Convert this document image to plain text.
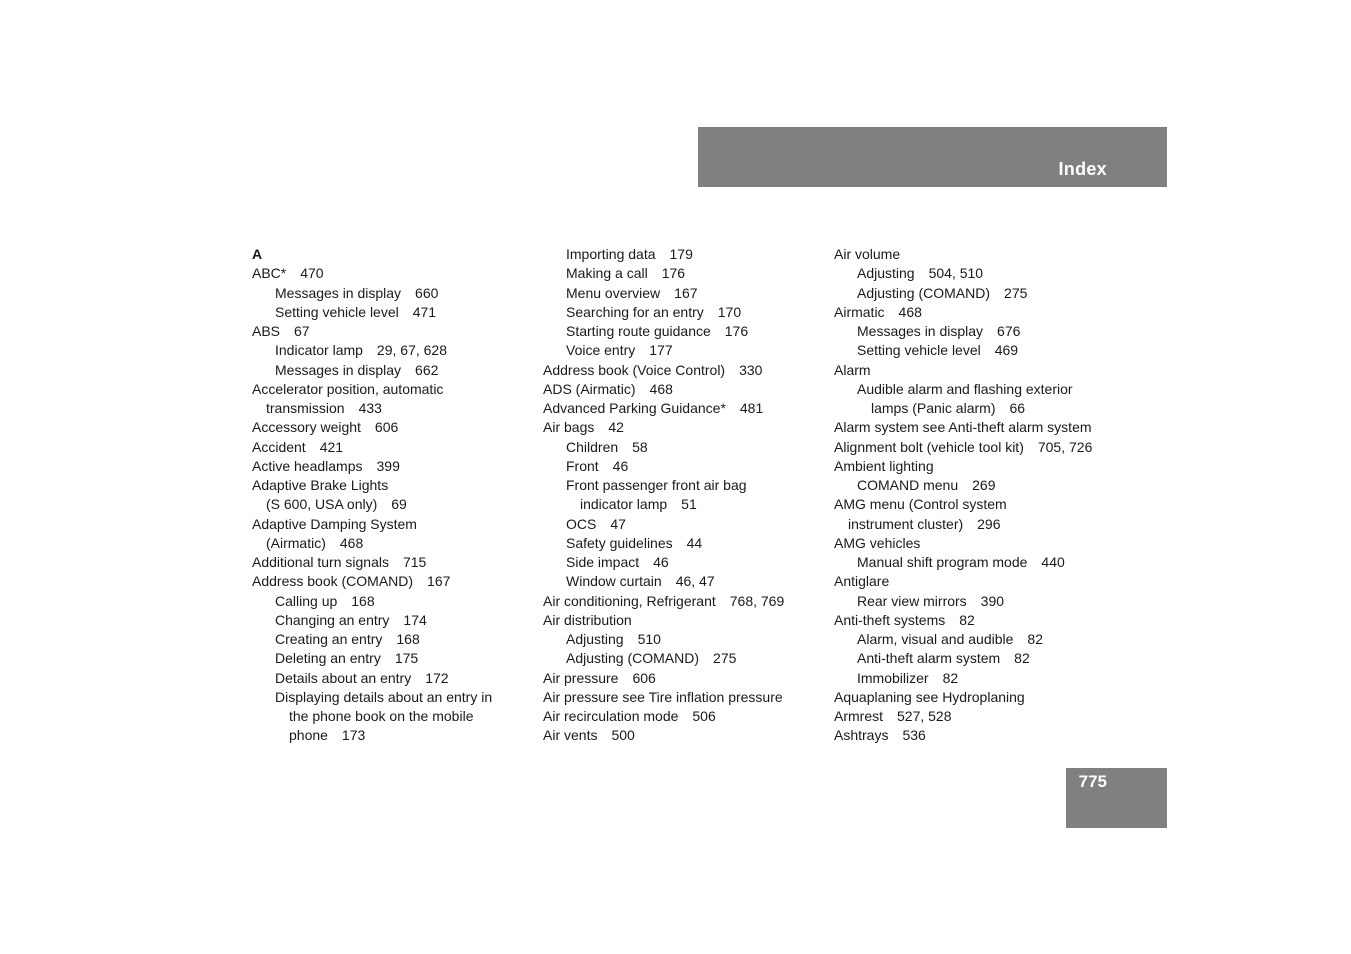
Index
A
ABC* 470
Messages in display 660
Setting vehicle level 471
ABS 67
Indicator lamp 29, 67, 628
Messages in display 662
Accelerator position, automatic
transmission 433
Accessory weight 606
Accident 421
Active headlamps 399
Adaptive Brake Lights
(S 600, USA only) 69
Adaptive Damping System
(Airmatic) 468
Additional turn signals 715
Address book (COMAND) 167
Calling up 168
Changing an entry 174
Creating an entry 168
Deleting an entry 175
Details about an entry 172
Displaying details about an entry in
the phone book on the mobile
phone 173
Importing data 179
Making a call 176
Menu overview 167
Searching for an entry 170
Starting route guidance 176
Voice entry 177
Address book (Voice Control) 330
ADS (Airmatic) 468
Advanced Parking Guidance* 481
Air bags 42
Children 58
Front 46
Front passenger front air bag
indicator lamp 51
OCS 47
Safety guidelines 44
Side impact 46
Window curtain 46, 47
Air conditioning, Refrigerant 768, 769
Air distribution
Adjusting 510
Adjusting (COMAND) 275
Air pressure 606
Air pressure see Tire inflation pressure
Air recirculation mode 506
Air vents 500
Air volume
Adjusting 504, 510
Adjusting (COMAND) 275
Airmatic 468
Messages in display 676
Setting vehicle level 469
Alarm
Audible alarm and flashing exterior
lamps (Panic alarm) 66
Alarm system see Anti-theft alarm system
Alignment bolt (vehicle tool kit) 705, 726
Ambient lighting
COMAND menu 269
AMG menu (Control system
instrument cluster) 296
AMG vehicles
Manual shift program mode 440
Antiglare
Rear view mirrors 390
Anti-theft systems 82
Alarm, visual and audible 82
Anti-theft alarm system 82
Immobilizer 82
Aquaplaning see Hydroplaning
Armrest 527, 528
Ashtrays 536
775
